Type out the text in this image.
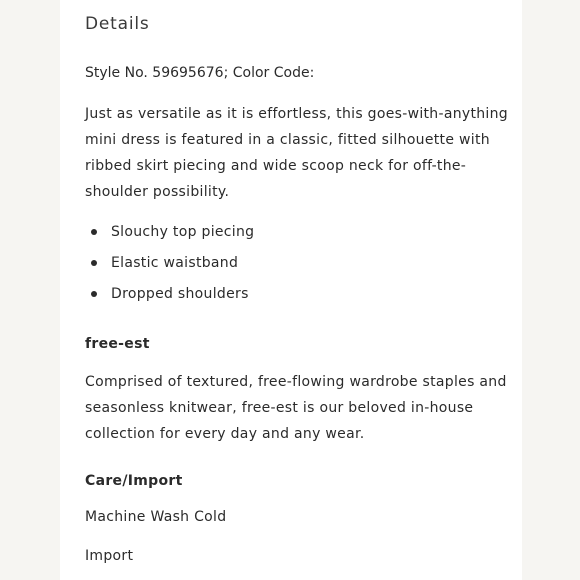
Details
Style No. 59695676; Color Code:
Just as versatile as it is effortless, this goes-with-anything
mini dress is featured in a classic, fitted silhouette with
ribbed skirt piecing and wide scoop neck for off-the-
shoulder possibility.
Slouchy top piecing
Elastic waistband
Dropped shoulders
free-est
Comprised of textured, free-flowing wardrobe staples and
seasonless knitwear, free-est is our beloved in-house
collection for every day and any wear.
Care/Import
Machine Wash Cold
Import
